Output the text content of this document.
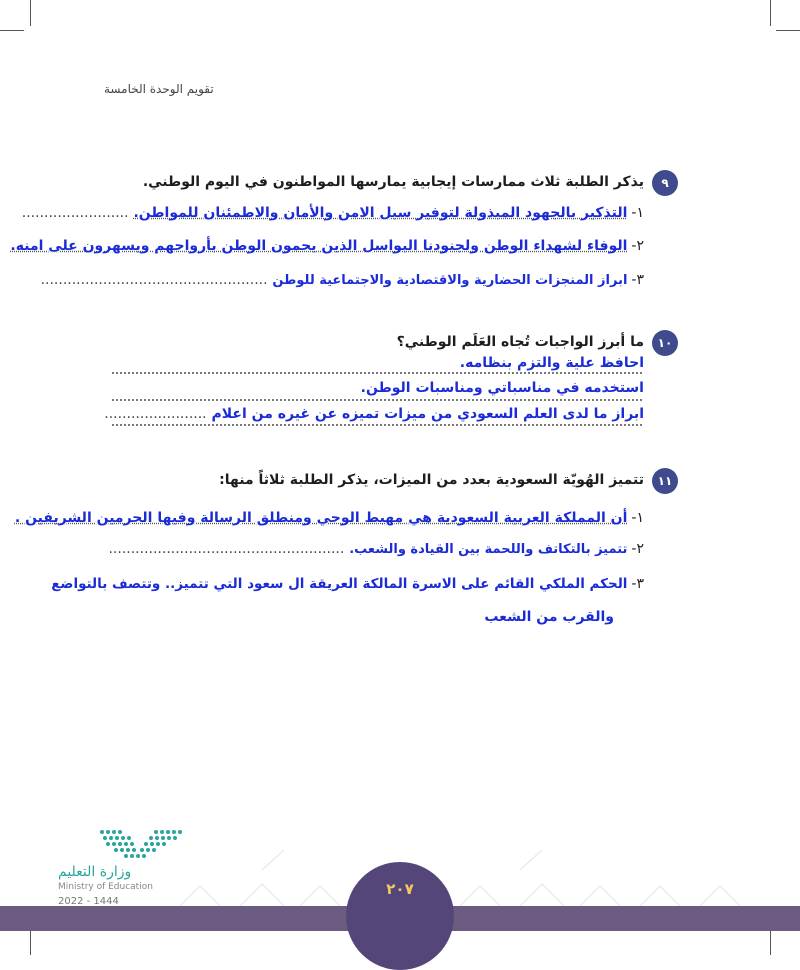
تقويم الوحدة الخامسة
٩
يذكر الطلبة ثلاث ممارسات إيجابية يمارسها المواطنون في اليوم الوطني.
١-التذكير بالجهود المبذولة لتوفير سبل الامن والأمان والاطمئنان للمواطن. ........................
٢-الوفاء لشهداء الوطن ولجنودنا البواسل الذين يحمون الوطن بأرواحهم ويسهرون على امنه.
٣-ابراز المنجزات الحضارية والاقتصادية والاجتماعية للوطن ...................................................
١٠
ما أبرز الواجبات تُجاه العَلَم الوطني؟
احافظ علية والتزم بنظامه.
استخدمه في مناسباتي ومناسبات الوطن.
ابراز ما لدى العلم السعودي من ميزات تميزه عن غيره من اعلام .......................
١١
تتميز الهُويّة السعودية بعدد من الميزات، يذكر الطلبة ثلاثاً منها:
١-أن المملكة العربية السعودية هي مهبط الوحي ومنطلق الرسالة وفيها الحرمين الشريفين .
٢-تتميز بالتكاتف واللحمة بين القيادة والشعب. .....................................................
٣-الحكم الملكي القائم على الاسرة المالكة العريقة ال سعود التي تتميز.. وتتصف بالتواضع
والقرب من الشعب
٢٠٧
وزارة التعليم
Ministry of Education
2022 - 1444
